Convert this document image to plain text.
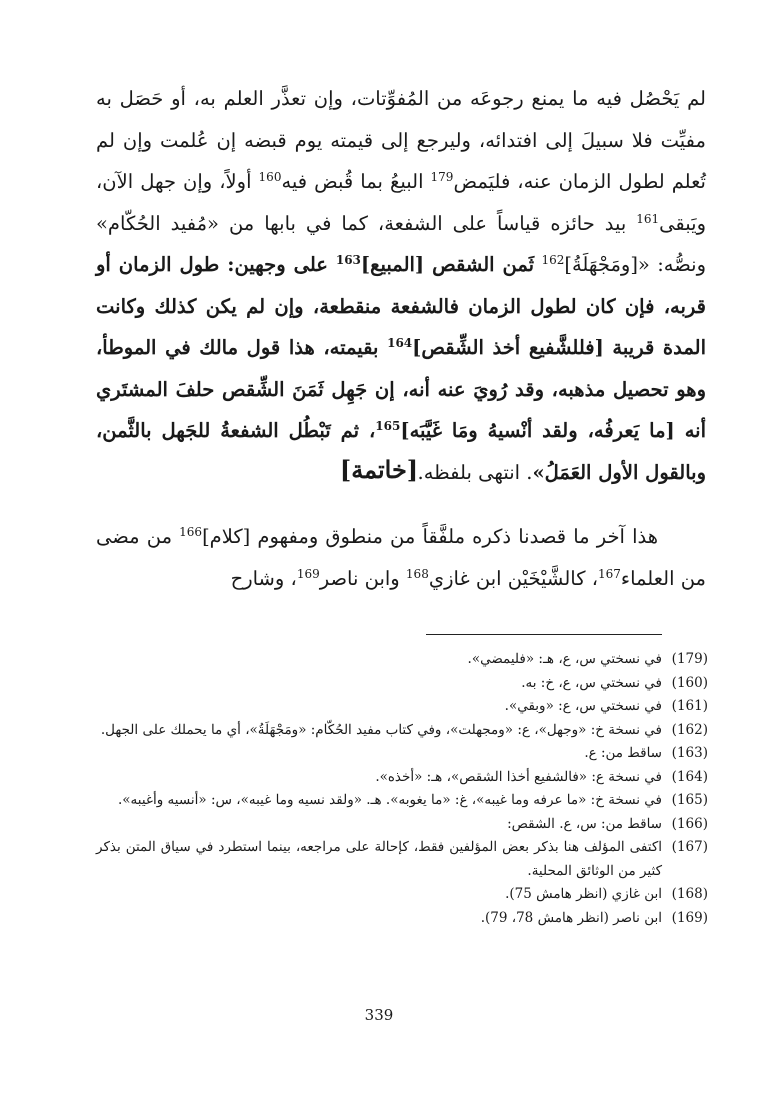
لم يَحْصُل فيه ما يمنع رجوعَه من المُفوِّتات، وإن تعذَّر العلم به، أو حَصَل به مفيِّت فلا سبيلَ إلى افتدائه، وليرجع إلى قيمته يوم قبضه إن عُلمت وإن لم تُعلم لطول الزمان عنه، فليَمض$^{179}$ البيعُ بما قُبض فيه$^{160}$ أولاً، وإن جهل الآن، ويَبقى$^{161}$ بيد حائزه قياساً على الشفعة، كما في بابها من «مُفيد الحُكّام» ونصُّه: «[ومَجْهَلَةُ]$^{162}$ ثَمن الشقص [المبيع]$^{163}$ على وجهين: طول الزمان أو قربه، فإن كان لطول الزمان فالشفعة منقطعة، وإن لم يكن كذلك وكانت المدة قريبة [فللشَّفيع أخذ الشِّقص]$^{164}$ بقيمته، هذا قول مالك في الموطأ، وهو تحصيل مذهبه، وقد رُويَ عنه أنه، إن جَهِل ثَمَنَ الشِّقص حلفَ المشتَري أنه [ما يَعرفُه، ولقد أنْسيهُ ومَا غَيَّبَه]$^{165}$، ثم تَبْطُل الشفعةُ للجَهل بالثَّمن، وبالقول الأول العَمَلُ». انتهى بلفظه.

[خاتمة]

هذا آخر ما قصدنا ذكره ملفَّقاً من منطوق ومفهوم [كلام]$^{166}$ من مضى من العلماء$^{167}$، كالشَّيْخَيْن ابن غازي$^{168}$ وابن ناصر$^{169}$، وشارح

(179)
في نسختي س، ع، هـ: «فليمضي».
(160)
في نسختي س، ع، خ: به.
(161)
في نسختي س، ع: «وبقي».
(162)
في نسخة خ: «وجهل»، ع: «ومجهلت»، وفي كتاب مفيد الحُكّام: «ومَجْهَلَةُ»، أي ما يحملك على الجهل.
(163)
ساقط من: ع.
(164)
في نسخة ع: «فالشفيع أخذا الشقص»، هـ: «أخذه».
(165)
في نسخة خ: «ما عرفه وما غيبه»، غ: «ما يغوبه». هـ. «ولقد نسيه وما غيبه»، س: «أنسيه وأغيبه».
(166)
ساقط من: س، ع. الشقص:
(167)
اكتفى المؤلف هنا بذكر بعض المؤلفين فقط، كإحالة على مراجعه، بينما استطرد في سياق المتن بذكر كثير من الوثائق المحلية.
(168)
ابن غازي (انظر هامش 75).
(169)
ابن ناصر (انظر هامش 78، 79).
339
